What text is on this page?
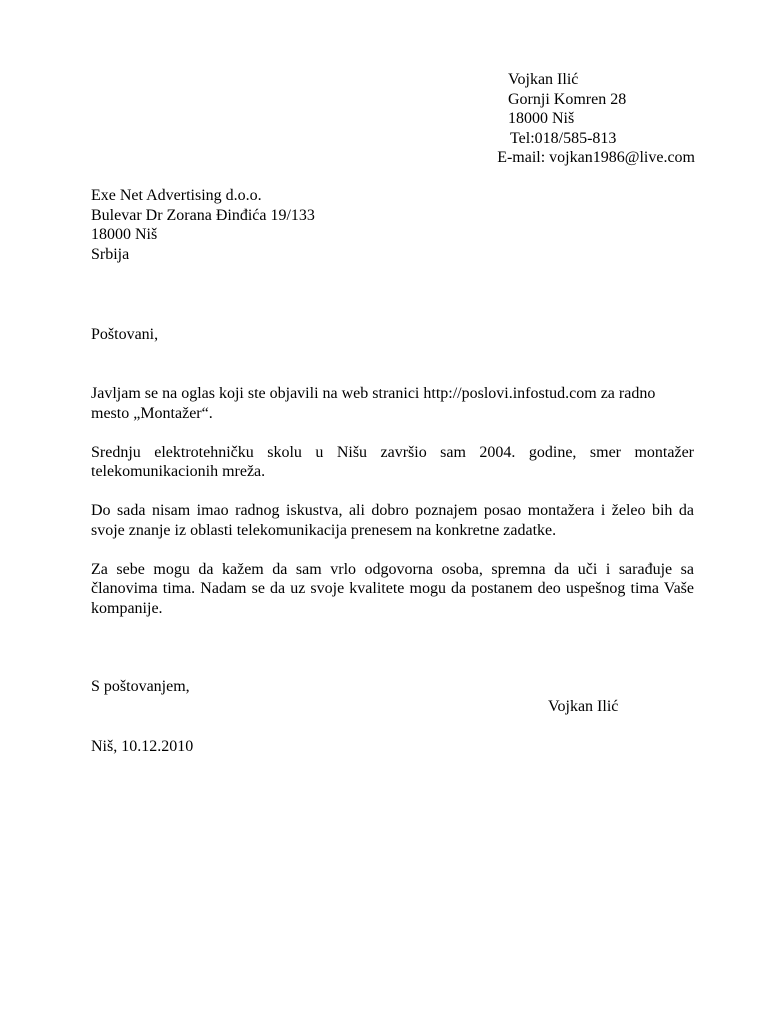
Vojkan Ilić
Gornji Komren 28
18000 Niš
Tel:018/585-813
E-mail: vojkan1986@live.com
Exe Net Advertising d.o.o.
Bulevar Dr Zorana Đinđića 19/133
18000 Niš
Srbija
Poštovani,

Javljam se na oglas koji ste objavili na web stranici http://poslovi.infostud.com za radno mesto „Montažer“.

Srednju elektrotehničku skolu u Nišu završio sam 2004. godine, smer montažer telekomunikacionih mreža.

Do sada nisam imao radnog iskustva, ali dobro poznajem posao montažera i želeo bih da svoje znanje iz oblasti telekomunikacija prenesem na konkretne zadatke.

Za sebe mogu da kažem da sam vrlo odgovorna osoba, spremna da uči i sarađuje sa članovima tima. Nadam se da uz svoje kvalitete mogu da postanem deo uspešnog tima Vaše kompanije.

S poštovanjem,
Vojkan Ilić
Niš, 10.12.2010
